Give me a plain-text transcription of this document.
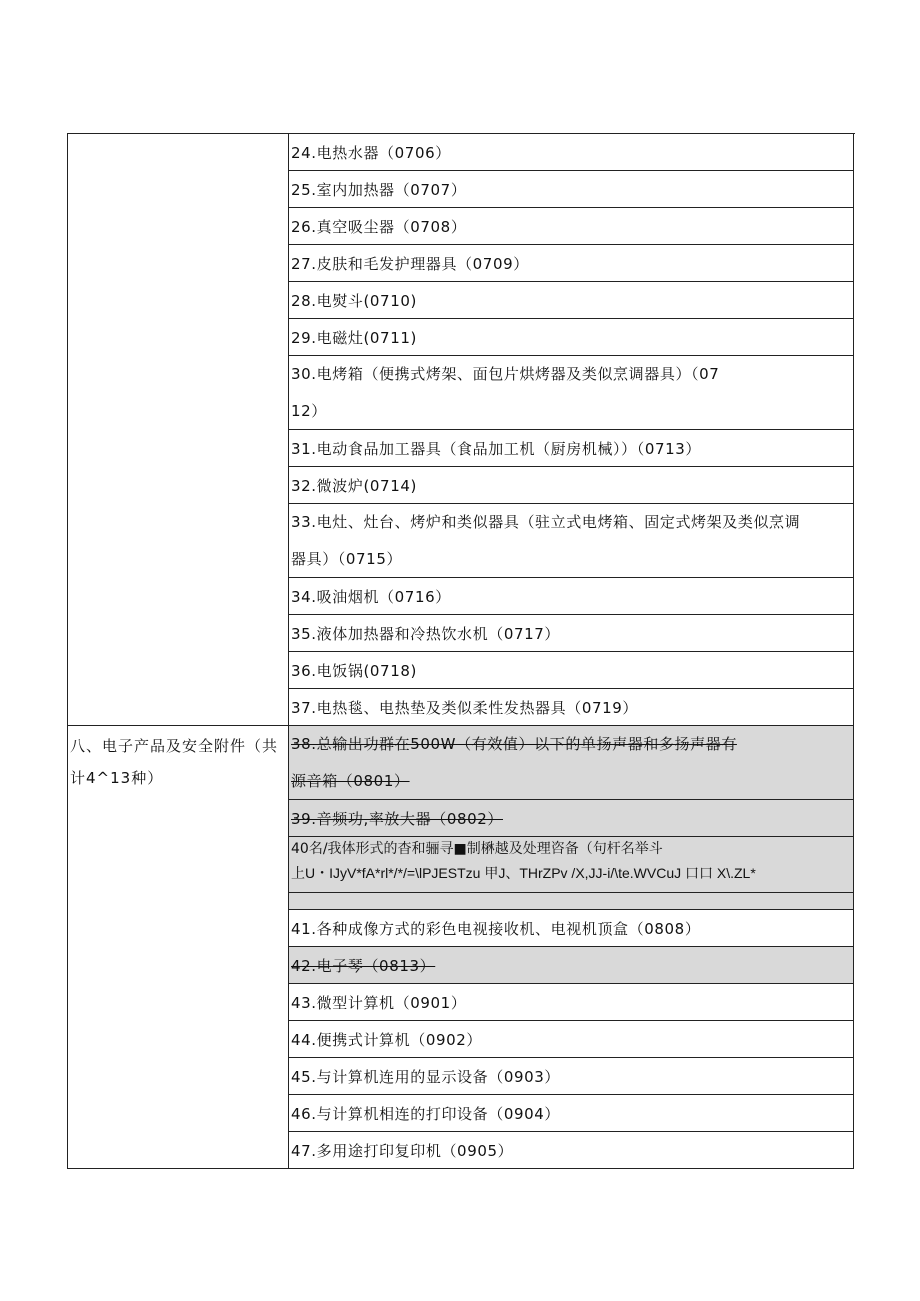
24.电热水器（0706）
25.室内加热器（0707）
26.真空吸尘器（0708）
27.皮肤和毛发护理器具（0709）
28.电熨斗(0710)
29.电磁灶(0711)
30.电烤箱（便携式烤架、面包片烘烤器及类似烹调器具）（07
12）
31.电动食品加工器具（食品加工机（厨房机械））（0713）
32.微波炉(0714)
33.电灶、灶台、烤炉和类似器具（驻立式电烤箱、固定式烤架及类似烹调
器具）（0715）
34.吸油烟机（0716）
35.液体加热器和冷热饮水机（0717）
36.电饭锅(0718)
37.电热毯、电热垫及类似柔性发热器具（0719）
八、电子产品及安全附件（共
计4^13种）
38.总输出功群在500W（有效值）以下的单扬声器和多扬声器有
源音箱（0801）
39.音频功,率放大器（0802）
40名/我体形式的杳和骊寻■制楙越及处理咨备（句杆名举斗
上U・IJyV*fA*rl*/*/=\lPJESTzu 甲J、THrZPv /X,JJ-i/\te.WVCuJ 口口 X\.ZL*
41.各种成像方式的彩色电视接收机、电视机顶盒（0808）
42.电子琴（0813）
43.微型计算机（0901）
44.便携式计算机（0902）
45.与计算机连用的显示设备（0903）
46.与计算机相连的打印设备（0904）
47.多用途打印复印机（0905）
